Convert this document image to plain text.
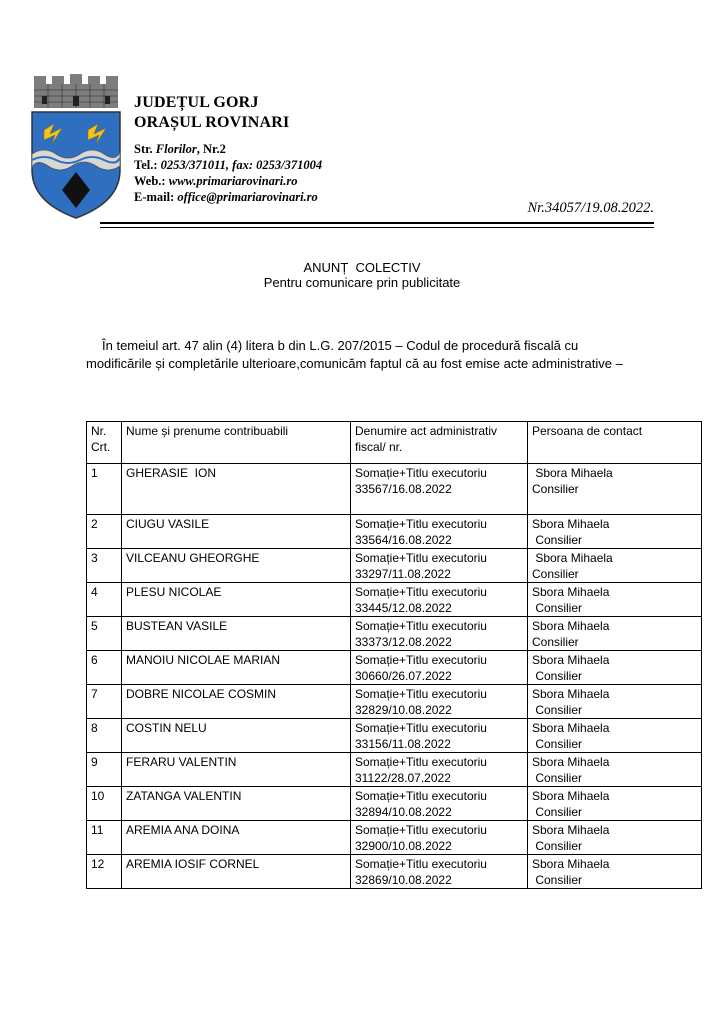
JUDEȚUL GORJ
ORAȘUL ROVINARI
Str. Florilor, Nr.2
Tel.: 0253/371011, fax: 0253/371004
Web.: www.primariarovinari.ro
E-mail: office@primariarovinari.ro
Nr.34057/19.08.2022.
ANUNȚ  COLECTIV
Pentru comunicare prin publicitate
În temeiul art. 47 alin (4) litera b din L.G. 207/2015 – Codul de procedură fiscală cu modificările și completările ulterioare,comunicăm faptul că au fost emise acte administrative –
Nr. Crt.	Nume și prenume contribuabili	Denumire act administrativ fiscal/ nr.	Persoana de contact
1	GHERASIE  ION	Somație+Titlu executoriu
33567/16.08.2022	Sbora Mihaela
Consilier

2	CIUGU VASILE	Somație+Titlu executoriu
33564/16.08.2022	Sbora Mihaela
Consilier

3	VILCEANU GHEORGHE	Somație+Titlu executoriu
33297/11.08.2022	Sbora Mihaela
Consilier

4	PLESU NICOLAE	Somație+Titlu executoriu
33445/12.08.2022	Sbora Mihaela
Consilier

5	BUSTEAN VASILE	Somație+Titlu executoriu
33373/12.08.2022	Sbora Mihaela
Consilier

6	MANOIU NICOLAE MARIAN	Somație+Titlu executoriu
30660/26.07.2022	Sbora Mihaela
Consilier

7	DOBRE NICOLAE COSMIN	Somație+Titlu executoriu
32829/10.08.2022	Sbora Mihaela
Consilier

8	COSTIN NELU	Somație+Titlu executoriu
33156/11.08.2022	Sbora Mihaela
Consilier

9	FERARU VALENTIN	Somație+Titlu executoriu
31122/28.07.2022	Sbora Mihaela
Consilier

10	ZATANGA VALENTIN	Somație+Titlu executoriu
32894/10.08.2022	Sbora Mihaela
Consilier

11	AREMIA ANA DOINA	Somație+Titlu executoriu
32900/10.08.2022	Sbora Mihaela
Consilier

12	AREMIA IOSIF CORNEL	Somație+Titlu executoriu
32869/10.08.2022	Sbora Mihaela
Consilier
